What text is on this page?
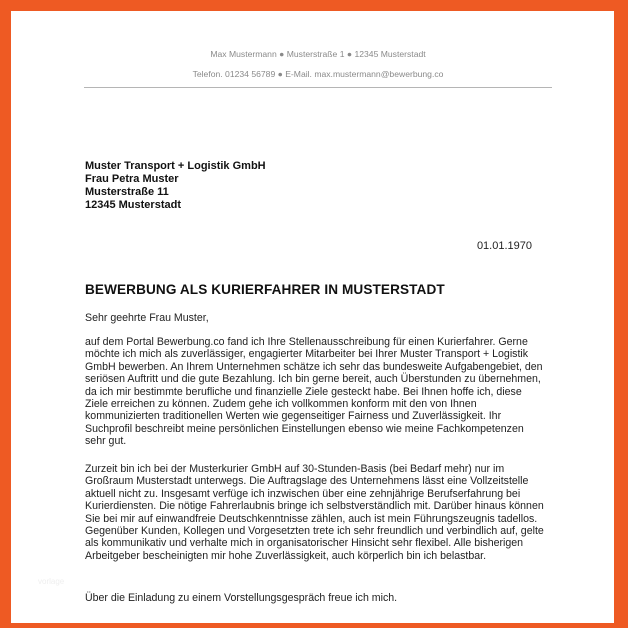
Max Mustermann ● Musterstraße 1 ● 12345 Musterstadt
Telefon. 01234 56789 ● E-Mail. max.mustermann@bewerbung.co
Muster Transport + Logistik GmbH
Frau Petra Muster
Musterstraße 11
12345 Musterstadt
01.01.1970
BEWERBUNG ALS KURIERFAHRER IN MUSTERSTADT
Sehr geehrte Frau Muster,
auf dem Portal Bewerbung.co fand ich Ihre Stellenausschreibung für einen Kurierfahrer. Gerne möchte ich mich als zuverlässiger, engagierter Mitarbeiter bei Ihrer Muster Transport + Logistik GmbH bewerben. An Ihrem Unternehmen schätze ich sehr das bundesweite Aufgabengebiet, den seriösen Auftritt und die gute Bezahlung. Ich bin gerne bereit, auch Überstunden zu übernehmen, da ich mir bestimmte berufliche und finanzielle Ziele gesteckt habe. Bei Ihnen hoffe ich, diese Ziele erreichen zu können. Zudem gehe ich vollkommen konform mit den von Ihnen kommunizierten traditionellen Werten wie gegenseitiger Fairness und Zuverlässigkeit. Ihr Suchprofil beschreibt meine persönlichen Einstellungen ebenso wie meine Fachkompetenzen sehr gut.
Zurzeit bin ich bei der Musterkurier GmbH auf 30-Stunden-Basis (bei Bedarf mehr) nur im Großraum Musterstadt unterwegs. Die Auftragslage des Unternehmens lässt eine Vollzeitstelle aktuell nicht zu. Insgesamt verfüge ich inzwischen über eine zehnjährige Berufserfahrung bei Kurierdiensten. Die nötige Fahrerlaubnis bringe ich selbstverständlich mit. Darüber hinaus können Sie bei mir auf einwandfreie Deutschkenntnisse zählen, auch ist mein Führungszeugnis tadellos. Gegenüber Kunden, Kollegen und Vorgesetzten trete ich sehr freundlich und verbindlich auf, gelte als kommunikativ und verhalte mich in organisatorischer Hinsicht sehr flexibel. Alle bisherigen Arbeitgeber bescheinigten mir hohe Zuverlässigkeit, auch körperlich bin ich belastbar.
Über die Einladung zu einem Vorstellungsgespräch freue ich mich.
vorlage
